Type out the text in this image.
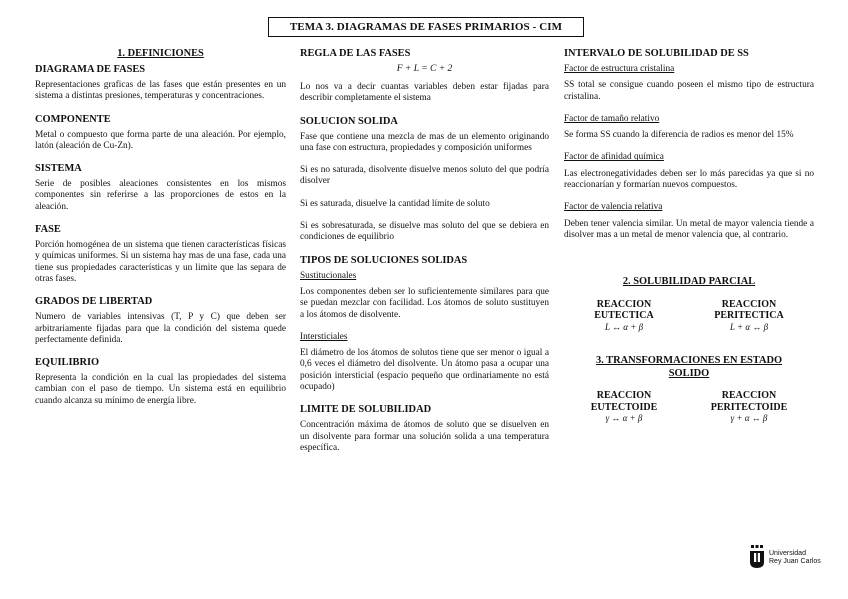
TEMA 3. DIAGRAMAS DE FASES PRIMARIOS - CIM
1. DEFINICIONES
DIAGRAMA DE FASES
Representaciones graficas de las fases que están presentes en un sistema a distintas presiones, temperaturas y concentraciones.
COMPONENTE
Metal o compuesto que forma parte de una aleación. Por ejemplo, latón (aleación de Cu-Zn).
SISTEMA
Serie de posibles aleaciones consistentes en los mismos componentes sin referirse a las proporciones de estos en la aleación.
FASE
Porción homogénea de un sistema que tienen características físicas y químicas uniformes. Si un sistema hay mas de una fase, cada una tiene sus propiedades características y un limite que las separa de otras fases.
GRADOS DE LIBERTAD
Numero de variables intensivas (T, P y C) que deben ser arbitrariamente fijadas para que la condición del sistema quede perfectamente definida.
EQUILIBRIO
Representa la condición en la cual las propiedades del sistema cambian con el paso de tiempo. Un sistema está en equilibrio cuando alcanza su mínimo de energía libre.
REGLA DE LAS FASES
F + L = C + 2
Lo nos va a decir cuantas variables deben estar fijadas para describir completamente el sistema
SOLUCION SOLIDA
Fase que contiene una mezcla de mas de un elemento originando una fase con estructura, propiedades y composición uniformes
Si es no saturada, disolvente disuelve menos soluto del que podría disolver
Si es saturada, disuelve la cantidad límite de soluto
Si es sobresaturada, se disuelve mas soluto del que se debiera en condiciones de equilibrio
TIPOS DE SOLUCIONES SOLIDAS
Sustitucionales
Los componentes deben ser lo suficientemente similares para que se puedan mezclar con facilidad. Los átomos de soluto sustituyen a los átomos de disolvente.
Intersticiales
El diámetro de los átomos de solutos tiene que ser menor o igual a 0,6 veces el diámetro del disolvente. Un átomo pasa a ocupar una posición intersticial (espacio pequeño que ordinariamente no está ocupado)
LIMITE DE SOLUBILIDAD
Concentración máxima de átomos de soluto que se disuelven en un disolvente para formar una solución solida a una temperatura específica.
INTERVALO DE SOLUBILIDAD DE SS
Factor de estructura cristalina
SS total se consigue cuando poseen el mismo tipo de estructura cristalina.
Factor de tamaño relativo
Se forma SS cuando la diferencia de radios es menor del 15%
Factor de afinidad química
Las electronegatividades deben ser lo más parecidas ya que si no reaccionarían y formarían nuevos compuestos.
Factor de valencia relativa
Deben tener valencia similar. Un metal de mayor valencia tiende a disolver mas a un metal de menor valencia que, al contrario.
2. SOLUBILIDAD PARCIAL
REACCION
EUTECTICA
L ↔ α + β
REACCION
PERITECTICA
L + α ↔ β
3. TRANSFORMACIONES EN ESTADO
SOLIDO
REACCION
EUTECTOIDE
γ ↔ α + β
REACCION
PERITECTOIDE
γ + α ↔ β
Universidad
Rey Juan Carlos
